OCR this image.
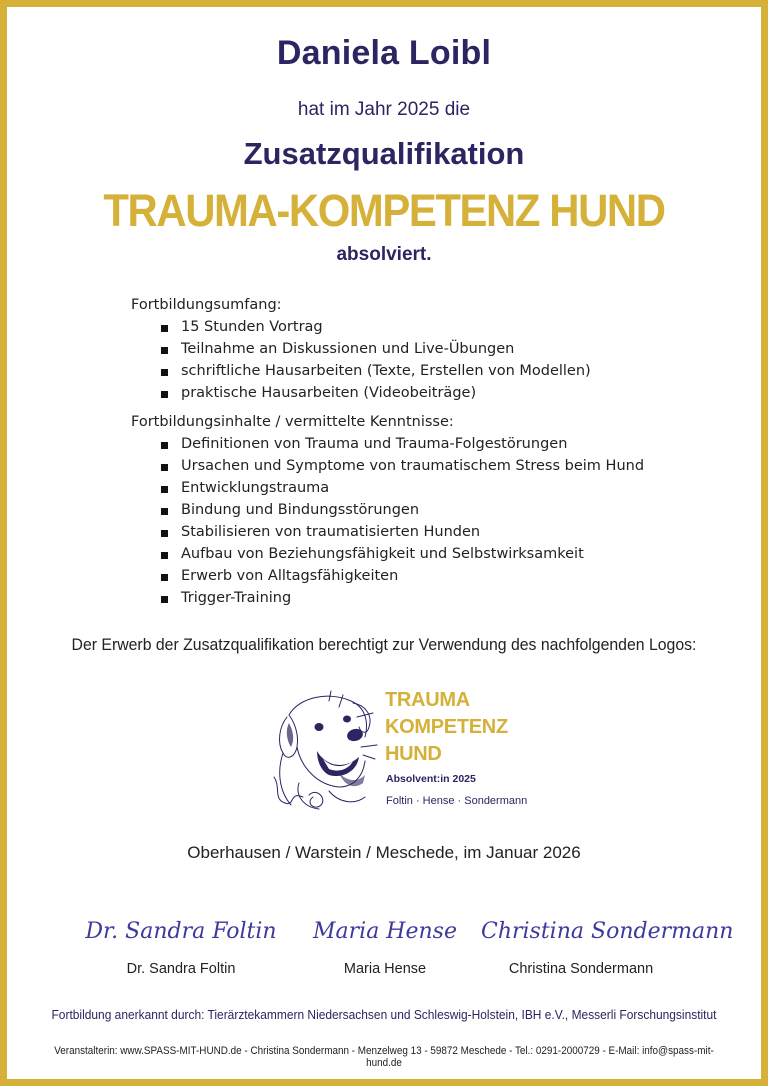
Daniela Loibl
hat im Jahr 2025 die
Zusatzqualifikation
TRAUMA-KOMPETENZ HUND
absolviert.
Fortbildungsumfang:
15 Stunden Vortrag
Teilnahme an Diskussionen und Live-Übungen
schriftliche Hausarbeiten (Texte, Erstellen von Modellen)
praktische Hausarbeiten (Videobeiträge)
Fortbildungsinhalte / vermittelte Kenntnisse:
Definitionen von Trauma und Trauma-Folgestörungen
Ursachen und Symptome von traumatischem Stress beim Hund
Entwicklungstrauma
Bindung und Bindungsstörungen
Stabilisieren von traumatisierten Hunden
Aufbau von Beziehungsfähigkeit und Selbstwirksamkeit
Erwerb von Alltagsfähigkeiten
Trigger-Training
Der Erwerb der Zusatzqualifikation berechtigt zur Verwendung des nachfolgenden Logos:
TRAUMA
KOMPETENZ
HUND
Absolvent:in 2025
Foltin · Hense · Sondermann
Oberhausen / Warstein / Meschede, im Januar 2026
Dr. Sandra Foltin
Dr. Sandra Foltin
Maria Hense
Maria Hense
Christina Sondermann
Christina Sondermann
Fortbildung anerkannt durch: Tierärztekammern Niedersachsen und Schleswig-Holstein, IBH e.V., Messerli Forschungsinstitut
Veranstalterin: www.SPASS-MIT-HUND.de - Christina Sondermann - Menzelweg 13 - 59872 Meschede - Tel.: 0291-2000729 - E-Mail: info@spass-mit-hund.de
